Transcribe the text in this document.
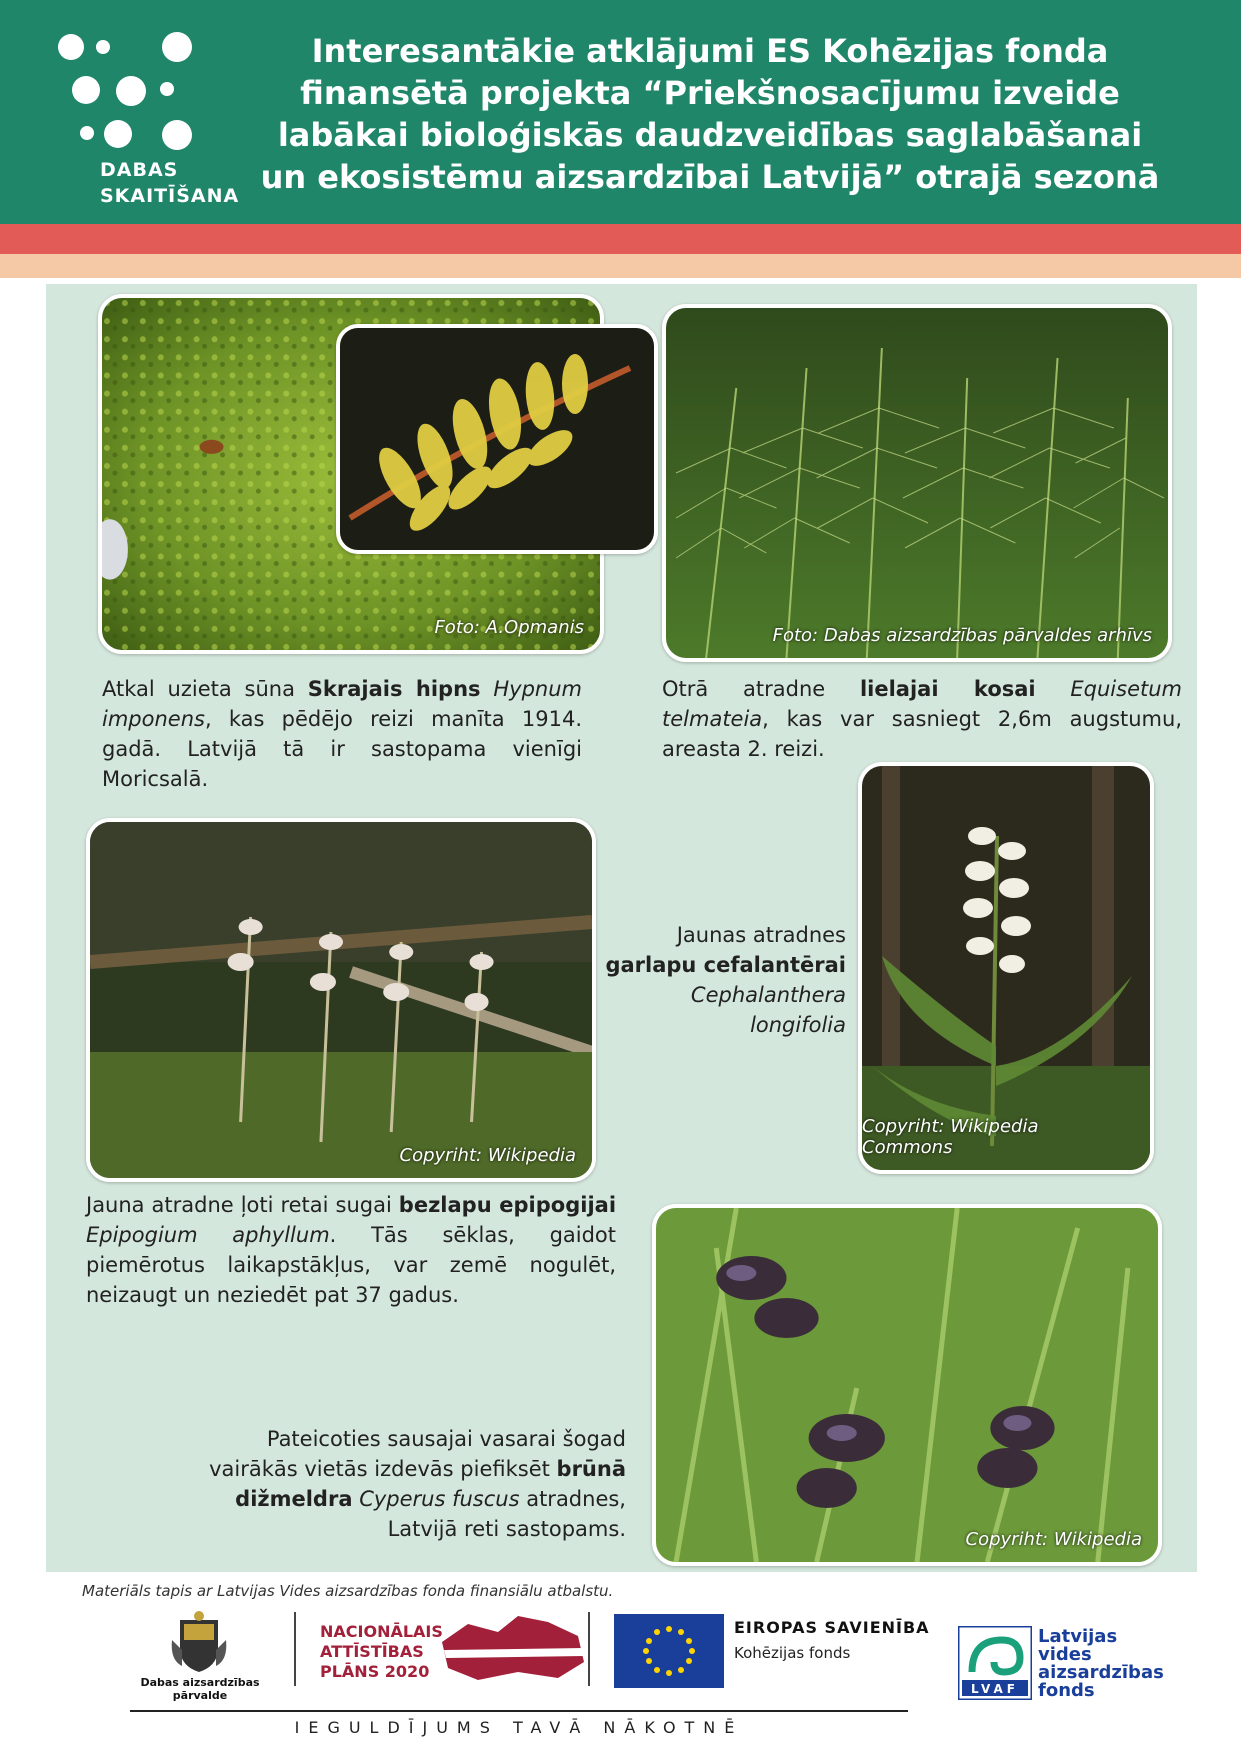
DABAS
SKAITĪŠANA
Interesantākie atklājumi ES Kohēzijas fonda finansētā projekta “Priekšnosacījumu izveide labākai bioloģiskās daudzveidības saglabāšanai un ekosistēmu aizsardzībai Latvijā” otrajā sezonā
Foto: A.Opmanis
Atkal uzieta sūna Skrajais hipns Hypnum imponens, kas pēdējo reizi manīta 1914. gadā. Latvijā tā ir sastopama vienīgi Moricsalā.
Foto: Dabas aizsardzības pārvaldes arhīvs
Otrā atradne lielajai kosai Equisetum telmateia, kas var sasniegt 2,6m augstumu, areasta 2. reizi.
Copyriht: Wikipedia Commons
Jaunas atradnes
garlapu cefalantērai
Cephalanthera
longifolia
Copyriht: Wikipedia
Jauna atradne ļoti retai sugai bezlapu epipogijai Epipogium aphyllum. Tās sēklas, gaidot piemērotus laikapstākļus, var zemē nogulēt, neizaugt un neziedēt pat 37 gadus.
Copyriht: Wikipedia
Pateicoties sausajai vasarai šogad vairākās vietās izdevās piefiksēt brūnā dižmeldra Cyperus fuscus atradnes, Latvijā reti sastopams.
Materiāls tapis ar Latvijas Vides aizsardzības fonda finansiālu atbalstu.
Dabas aizsardzības pārvalde
NACIONĀLAIS
ATTĪSTĪBAS
PLĀNS 2020
EIROPAS SAVIENĪBA
Kohēzijas fonds
LVAF
Latvijas
vides
aizsardzības
fonds
IEGULDĪJUMS TAVĀ NĀKOTNĒ
